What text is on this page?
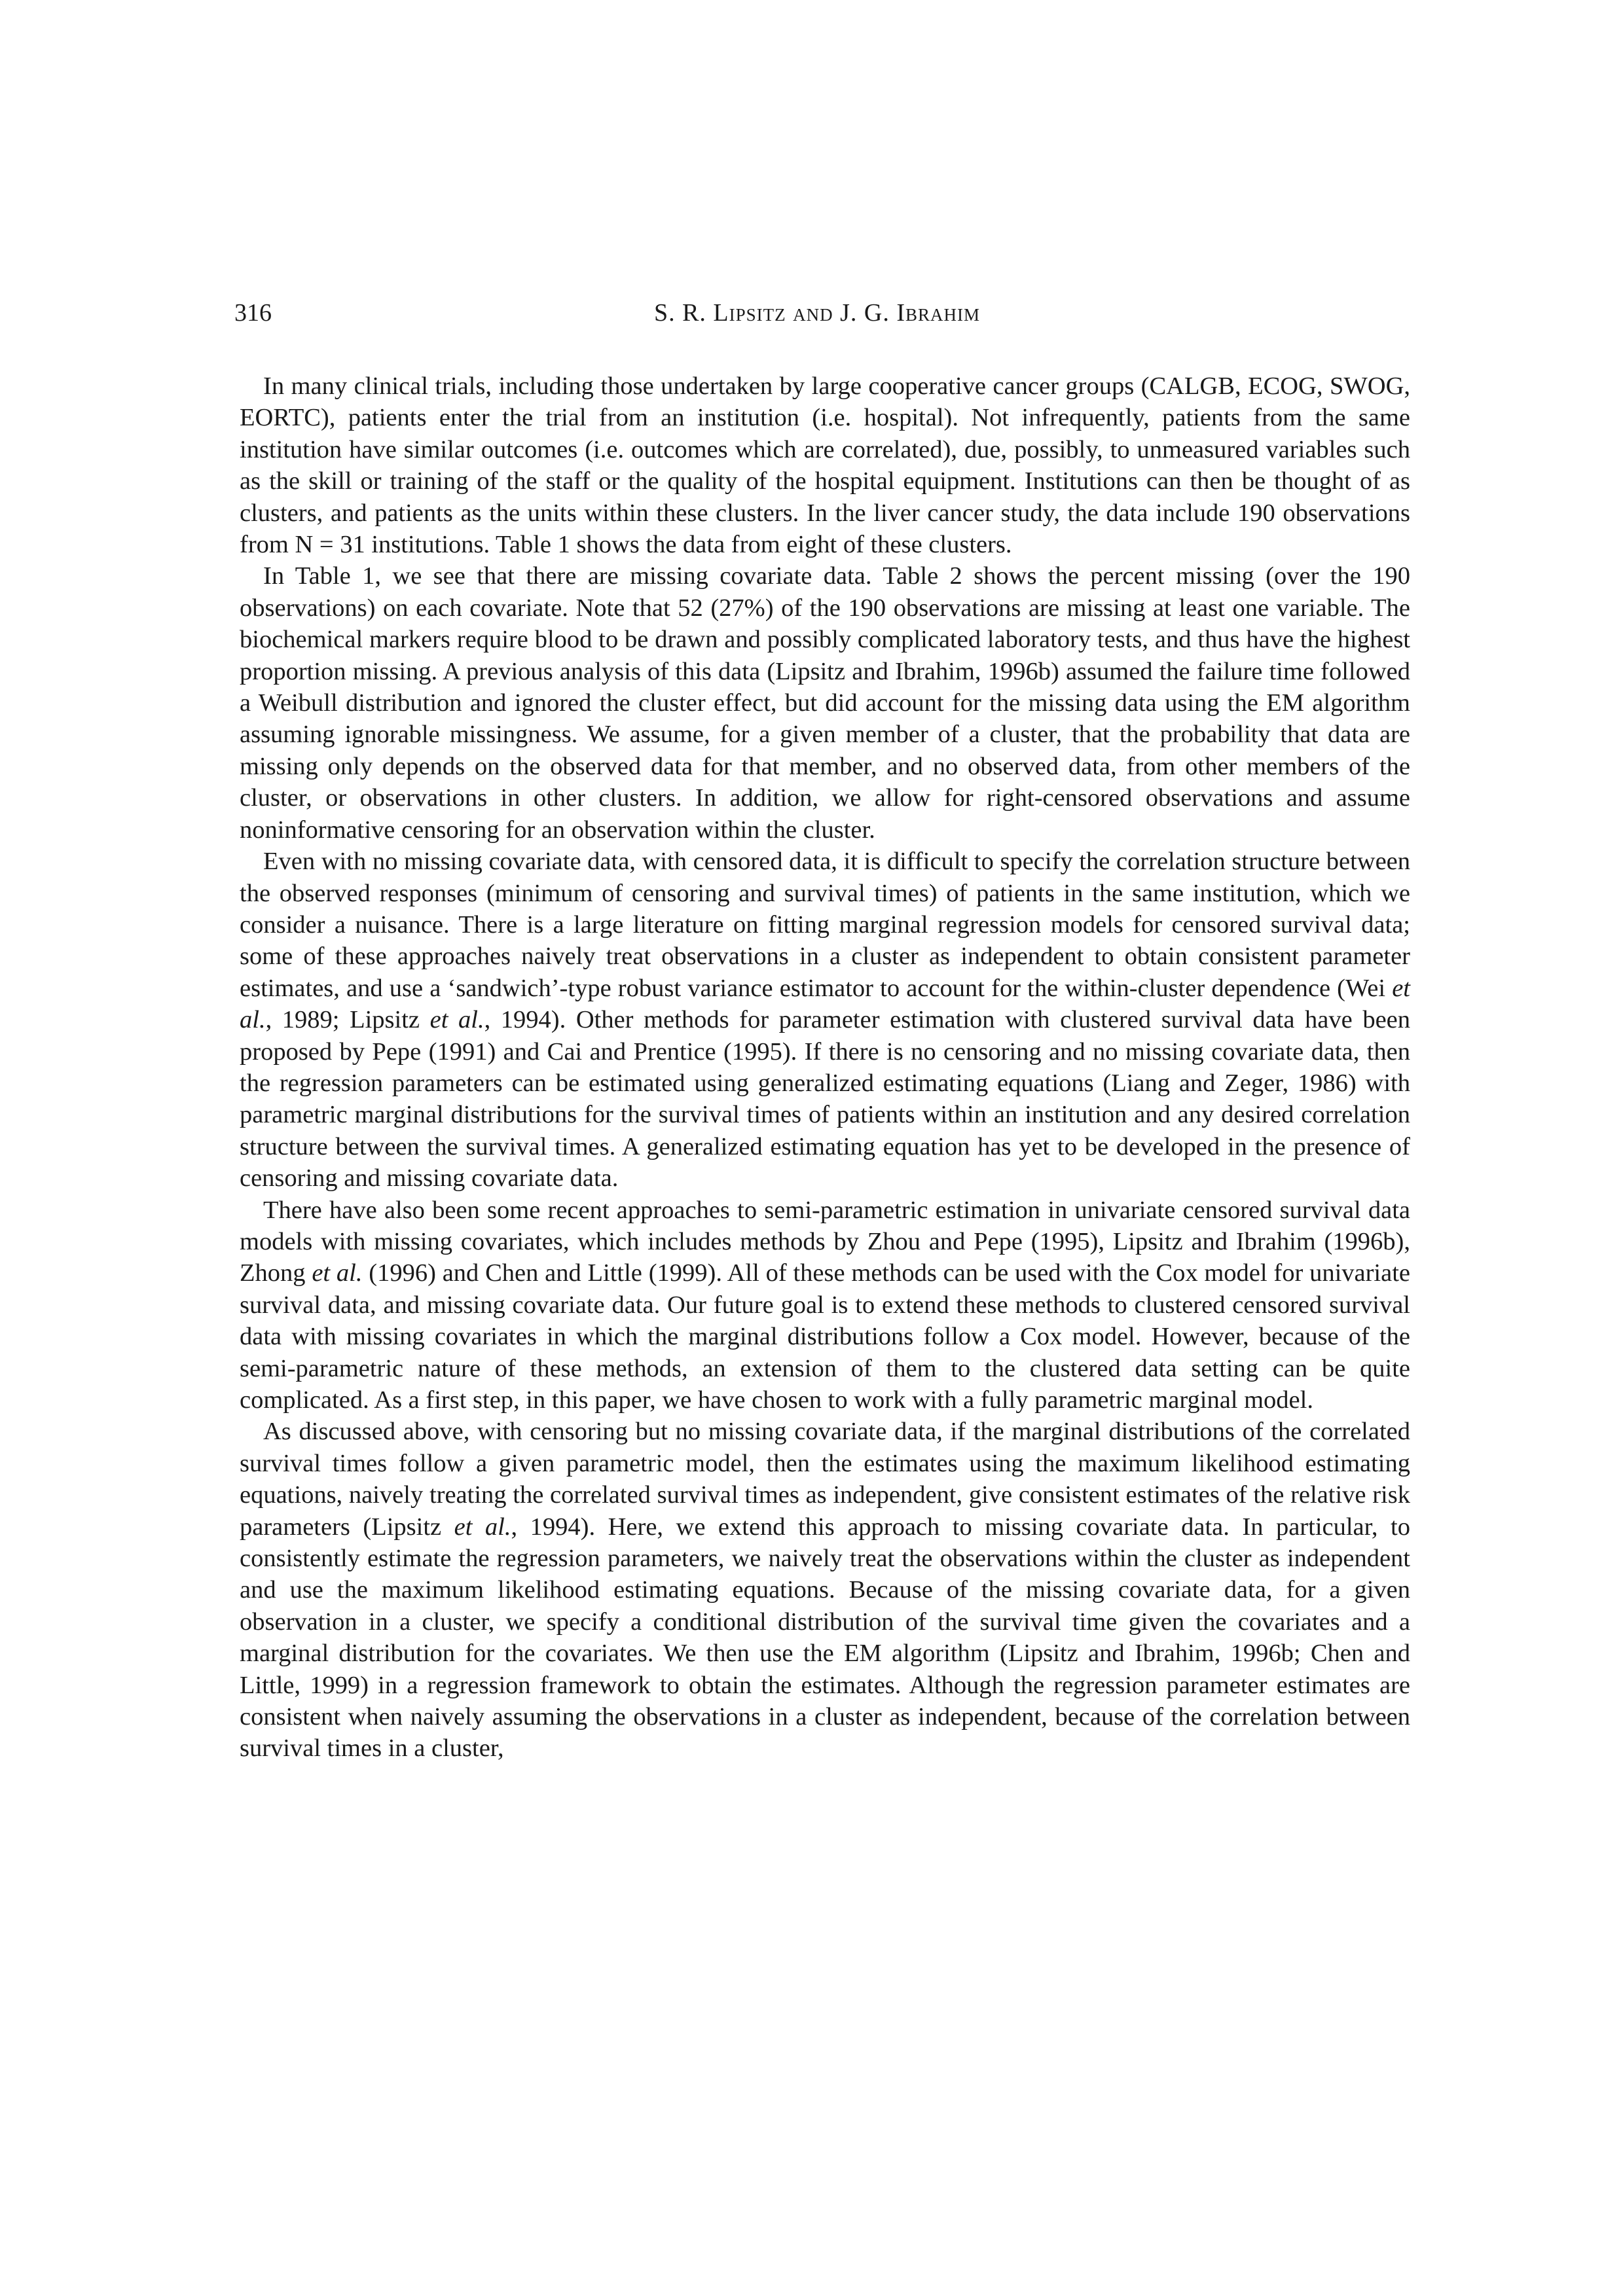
316	S. R. Lipsitz and J. G. Ibrahim

In many clinical trials, including those undertaken by large cooperative cancer groups (CALGB, ECOG, SWOG, EORTC), patients enter the trial from an institution (i.e. hospital). Not infrequently, patients from the same institution have similar outcomes (i.e. outcomes which are correlated), due, possibly, to unmeasured variables such as the skill or training of the staff or the quality of the hospital equipment. Institutions can then be thought of as clusters, and patients as the units within these clusters. In the liver cancer study, the data include 190 observations from N = 31 institutions. Table 1 shows the data from eight of these clusters.

In Table 1, we see that there are missing covariate data. Table 2 shows the percent missing (over the 190 observations) on each covariate. Note that 52 (27%) of the 190 observations are missing at least one variable. The biochemical markers require blood to be drawn and possibly complicated laboratory tests, and thus have the highest proportion missing. A previous analysis of this data (Lipsitz and Ibrahim, 1996b) assumed the failure time followed a Weibull distribution and ignored the cluster effect, but did account for the missing data using the EM algorithm assuming ignorable missingness. We assume, for a given member of a cluster, that the probability that data are missing only depends on the observed data for that member, and no observed data, from other members of the cluster, or observations in other clusters. In addition, we allow for right-censored observations and assume noninformative censoring for an observation within the cluster.

Even with no missing covariate data, with censored data, it is difficult to specify the correlation structure between the observed responses (minimum of censoring and survival times) of patients in the same institution, which we consider a nuisance. There is a large literature on fitting marginal regression models for censored survival data; some of these approaches naively treat observations in a cluster as independent to obtain consistent parameter estimates, and use a ‘sandwich’-type robust variance estimator to account for the within-cluster dependence (Wei et al., 1989; Lipsitz et al., 1994). Other methods for parameter estimation with clustered survival data have been proposed by Pepe (1991) and Cai and Prentice (1995). If there is no censoring and no missing covariate data, then the regression parameters can be estimated using generalized estimating equations (Liang and Zeger, 1986) with parametric marginal distributions for the survival times of patients within an institution and any desired correlation structure between the survival times. A generalized estimating equation has yet to be developed in the presence of censoring and missing covariate data.

There have also been some recent approaches to semi-parametric estimation in univariate censored survival data models with missing covariates, which includes methods by Zhou and Pepe (1995), Lipsitz and Ibrahim (1996b), Zhong et al. (1996) and Chen and Little (1999). All of these methods can be used with the Cox model for univariate survival data, and missing covariate data. Our future goal is to extend these methods to clustered censored survival data with missing covariates in which the marginal distributions follow a Cox model. However, because of the semi-parametric nature of these methods, an extension of them to the clustered data setting can be quite complicated. As a first step, in this paper, we have chosen to work with a fully parametric marginal model.

As discussed above, with censoring but no missing covariate data, if the marginal distributions of the correlated survival times follow a given parametric model, then the estimates using the maximum likelihood estimating equations, naively treating the correlated survival times as independent, give consistent estimates of the relative risk parameters (Lipsitz et al., 1994). Here, we extend this approach to missing covariate data. In particular, to consistently estimate the regression parameters, we naively treat the observations within the cluster as independent and use the maximum likelihood estimating equations. Because of the missing covariate data, for a given observation in a cluster, we specify a conditional distribution of the survival time given the covariates and a marginal distribution for the covariates. We then use the EM algorithm (Lipsitz and Ibrahim, 1996b; Chen and Little, 1999) in a regression framework to obtain the estimates. Although the regression parameter estimates are consistent when naively assuming the observations in a cluster as independent, because of the correlation between survival times in a cluster,
